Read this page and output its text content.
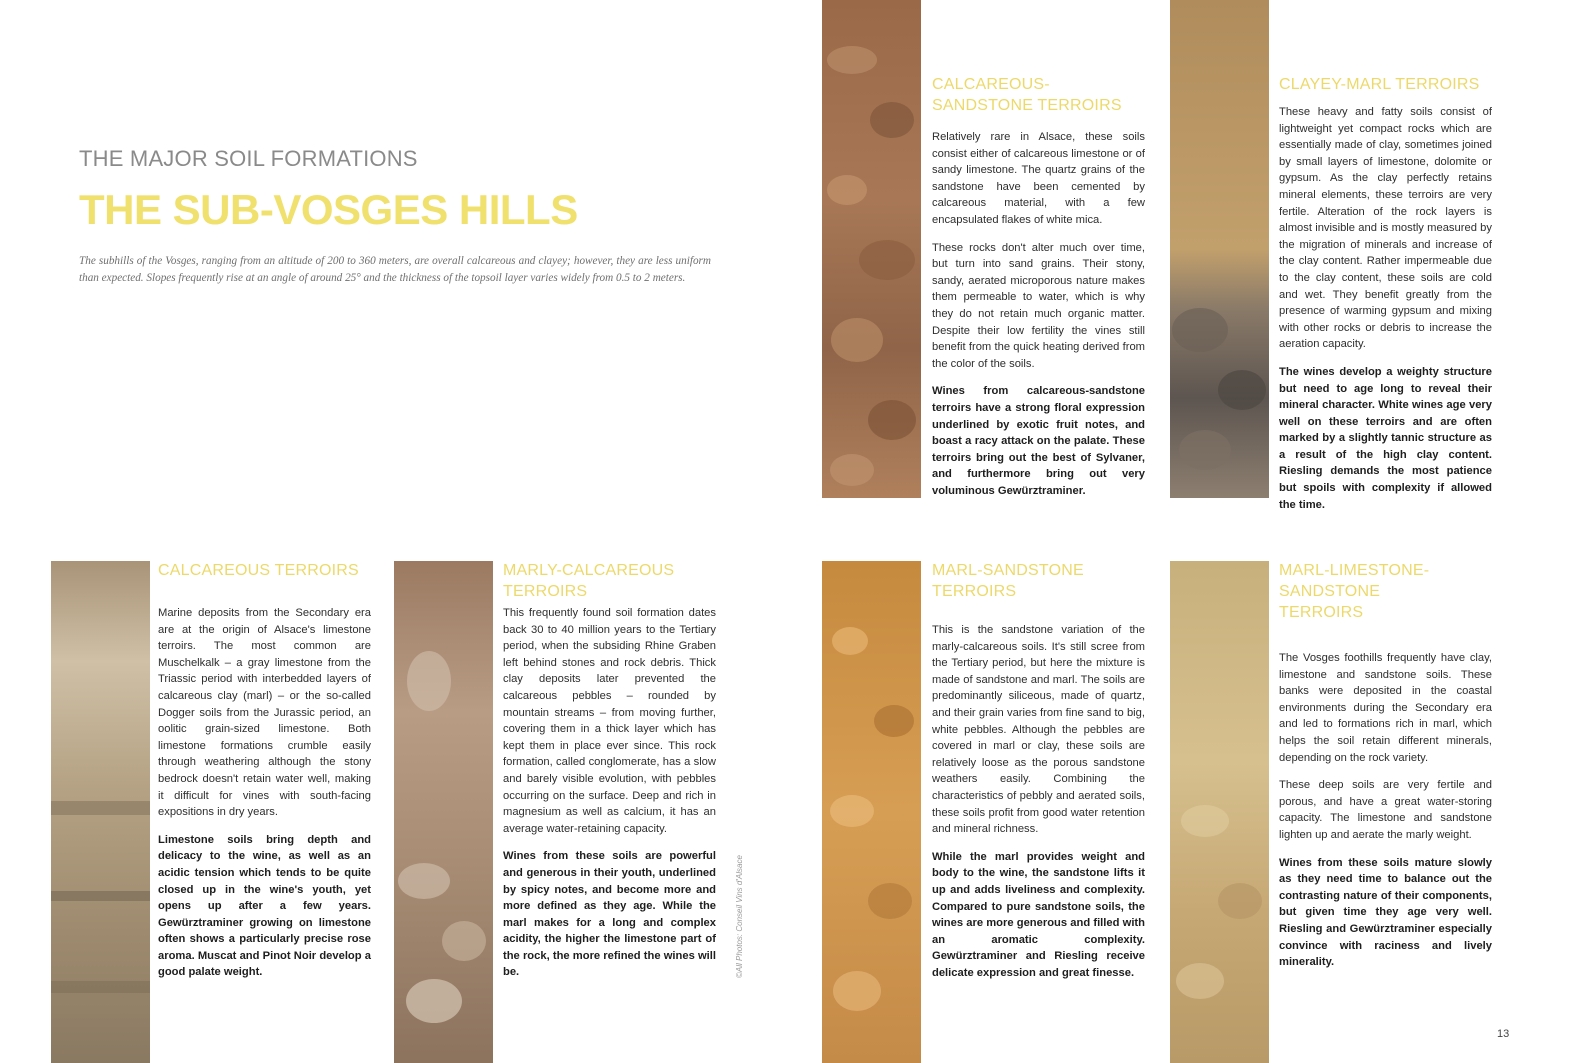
THE MAJOR SOIL FORMATIONS
THE SUB-VOSGES HILLS
The subhills of the Vosges, ranging from an altitude of 200 to 360 meters, are overall calcareous and clayey; however, they are less uniform than expected. Slopes frequently rise at an angle of around 25° and the thickness of the topsoil layer varies widely from 0.5 to 2 meters.
CALCAREOUS-SANDSTONE TERROIRS

Relatively rare in Alsace, these soils consist either of calcareous limestone or of sandy limestone. The quartz grains of the sandstone have been cemented by calcareous material, with a few encapsulated flakes of white mica.

These rocks don't alter much over time, but turn into sand grains. Their stony, sandy, aerated microporous nature makes them permeable to water, which is why they do not retain much organic matter. Despite their low fertility the vines still benefit from the quick heating derived from the color of the soils.

Wines from calcareous-sandstone terroirs have a strong floral expression underlined by exotic fruit notes, and boast a racy attack on the palate. These terroirs bring out the best of Sylvaner, and furthermore bring out very voluminous Gewürztraminer.

CLAYEY-MARL TERROIRS

These heavy and fatty soils consist of lightweight yet compact rocks which are essentially made of clay, sometimes joined by small layers of limestone, dolomite or gypsum. As the clay perfectly retains mineral elements, these terroirs are very fertile. Alteration of the rock layers is almost invisible and is mostly measured by the migration of minerals and increase of the clay content. Rather impermeable due to the clay content, these soils are cold and wet. They benefit greatly from the presence of warming gypsum and mixing with other rocks or debris to increase the aeration capacity.

The wines develop a weighty structure but need to age long to reveal their mineral character. White wines age very well on these terroirs and are often marked by a slightly tannic structure as a result of the high clay content. Riesling demands the most patience but spoils with complexity if allowed the time.

CALCAREOUS TERROIRS

Marine deposits from the Secondary era are at the origin of Alsace's limestone terroirs. The most common are Muschelkalk – a gray limestone from the Triassic period with interbedded layers of calcareous clay (marl) – or the so-called Dogger soils from the Jurassic period, an oolitic grain-sized limestone. Both limestone formations crumble easily through weathering although the stony bedrock doesn't retain water well, making it difficult for vines with south-facing expositions in dry years.

Limestone soils bring depth and delicacy to the wine, as well as an acidic tension which tends to be quite closed up in the wine's youth, yet opens up after a few years. Gewürztraminer growing on limestone often shows a particularly precise rose aroma. Muscat and Pinot Noir develop a good palate weight.

MARLY-CALCAREOUS TERROIRS

This frequently found soil formation dates back 30 to 40 million years to the Tertiary period, when the subsiding Rhine Graben left behind stones and rock debris. Thick clay deposits later prevented the calcareous pebbles – rounded by mountain streams – from moving further, covering them in a thick layer which has kept them in place ever since. This rock formation, called conglomerate, has a slow and barely visible evolution, with pebbles occurring on the surface. Deep and rich in magnesium as well as calcium, it has an average water-retaining capacity.

Wines from these soils are powerful and generous in their youth, underlined by spicy notes, and become more and more defined as they age. While the marl makes for a long and complex acidity, the higher the limestone part of the rock, the more refined the wines will be.

MARL-SANDSTONE TERROIRS

This is the sandstone variation of the marly-calcareous soils. It's still scree from the Tertiary period, but here the mixture is made of sandstone and marl. The soils are predominantly siliceous, made of quartz, and their grain varies from fine sand to big, white pebbles. Although the pebbles are covered in marl or clay, these soils are relatively loose as the porous sandstone weathers easily. Combining the characteristics of pebbly and aerated soils, these soils profit from good water retention and mineral richness.

While the marl provides weight and body to the wine, the sandstone lifts it up and adds liveliness and complexity. Compared to pure sandstone soils, the wines are more generous and filled with an aromatic complexity. Gewürztraminer and Riesling receive delicate expression and great finesse.

MARL-LIMESTONE-SANDSTONE TERROIRS

The Vosges foothills frequently have clay, limestone and sandstone soils. These banks were deposited in the coastal environments during the Secondary era and led to formations rich in marl, which helps the soil retain different minerals, depending on the rock variety.

These deep soils are very fertile and porous, and have a great water-storing capacity. The limestone and sandstone lighten up and aerate the marly weight.

Wines from these soils mature slowly as they need time to balance out the contrasting nature of their components, but given time they age very well. Riesling and Gewürztraminer especially convince with raciness and lively minerality.

©All Photos: Conseil Vins d'Alsace
13
